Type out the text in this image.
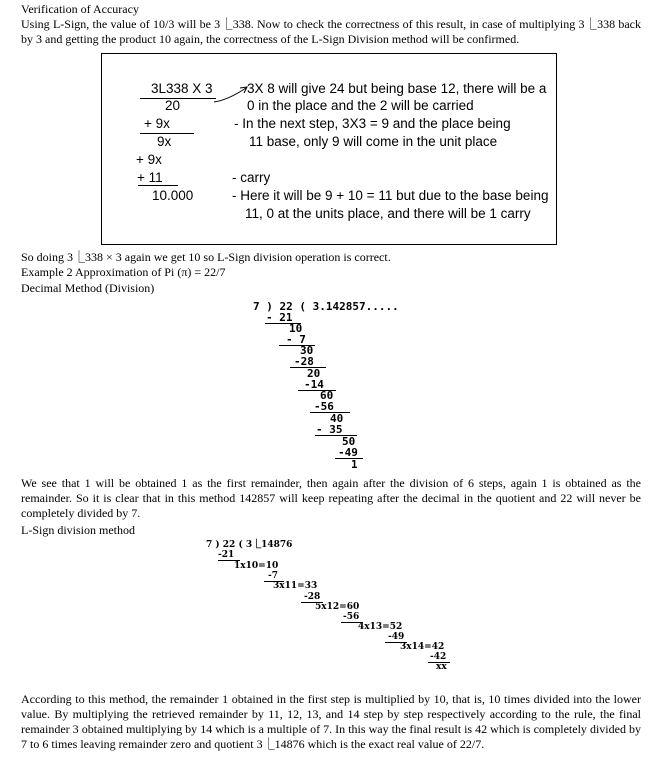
Verification of Accuracy
Using L-Sign, the value of 10/3 will be 3⎿338. Now to check the correctness of this result, in case of multiplying 3⎿338 back by 3 and getting the product 10 again, the correctness of the L-Sign Division method will be confirmed.
3L338 X 3
20
+ 9x
9x
+ 9x
+ 11
10.000
3X 8 will give 24 but being base 12, there will be a
0 in the place and the 2 will be carried
- In the next step, 3X3 = 9 and the place being
11 base, only 9 will come in the unit place
- carry
- Here it will be 9 + 10 = 11 but due to the base being
11, 0 at the units place, and there will be 1 carry
So doing 3⎿338 × 3 again we get 10 so L-Sign division operation is correct.
Example 2 Approximation of Pi (π) = 22/7
Decimal Method (Division)
7 ) 22 ( 3.142857.....
- 21
10
- 7
30
-28
20
-14
60
-56
40
- 35
50
-49
1
We see that 1 will be obtained 1 as the first remainder, then again after the division of 6 steps, again 1 is obtained as the remainder. So it is clear that in this method 142857 will keep repeating after the decimal in the quotient and 22 will never be completely divided by 7.
L-Sign division method
7 ) 22 ( 3⎿14876
-21
1x10=10
-7
3x11=33
-28
5x12=60
-56
4x13=52
-49
3x14=42
-42
xx
According to this method, the remainder 1 obtained in the first step is multiplied by 10, that is, 10 times divided into the lower value. By multiplying the retrieved remainder by 11, 12, 13, and 14 step by step respectively according to the rule, the final remainder 3 obtained multiplying by 14 which is a multiple of 7. In this way the final result is 42 which is completely divided by 7 to 6 times leaving remainder zero and quotient 3⎿14876 which is the exact real value of 22/7.
